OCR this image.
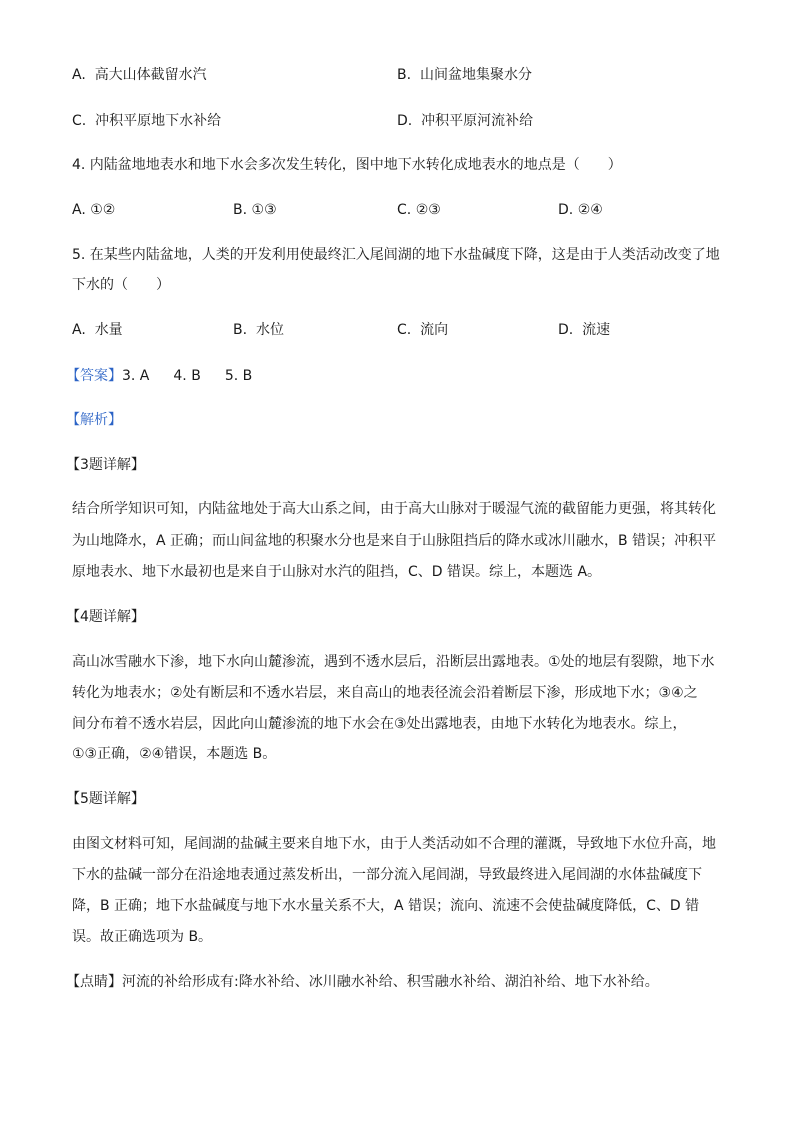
A. 高大山体截留水汽	B. 山间盆地集聚水分
C. 冲积平原地下水补给	D. 冲积平原河流补给
4. 内陆盆地地表水和地下水会多次发生转化，图中地下水转化成地表水的地点是（　　）
A. ①②	B. ①③	C. ②③	D. ②④
5. 在某些内陆盆地，人类的开发利用使最终汇入尾闾湖的地下水盐碱度下降，这是由于人类活动改变了地
下水的（　　）
A. 水量	B. 水位	C. 流向	D. 流速
【答案】3. A 4. B 5. B
【解析】
【3题详解】
结合所学知识可知，内陆盆地处于高大山系之间，由于高大山脉对于暖湿气流的截留能力更强，将其转化
为山地降水，A 正确；而山间盆地的积聚水分也是来自于山脉阻挡后的降水或冰川融水，B 错误；冲积平
原地表水、地下水最初也是来自于山脉对水汽的阻挡，C、D 错误。综上，本题选 A。
【4题详解】
高山冰雪融水下渗，地下水向山麓渗流，遇到不透水层后，沿断层出露地表。①处的地层有裂隙，地下水
转化为地表水；②处有断层和不透水岩层，来自高山的地表径流会沿着断层下渗，形成地下水；③④之
间分布着不透水岩层，因此向山麓渗流的地下水会在③处出露地表，由地下水转化为地表水。综上，
①③正确，②④错误，本题选 B。
【5题详解】
由图文材料可知，尾闾湖的盐碱主要来自地下水，由于人类活动如不合理的灌溉，导致地下水位升高，地
下水的盐碱一部分在沿途地表通过蒸发析出，一部分流入尾闾湖，导致最终进入尾闾湖的水体盐碱度下
降，B 正确；地下水盐碱度与地下水水量关系不大，A 错误；流向、流速不会使盐碱度降低，C、D 错
误。故正确选项为 B。
【点睛】河流的补给形成有:降水补给、冰川融水补给、积雪融水补给、湖泊补给、地下水补给。
